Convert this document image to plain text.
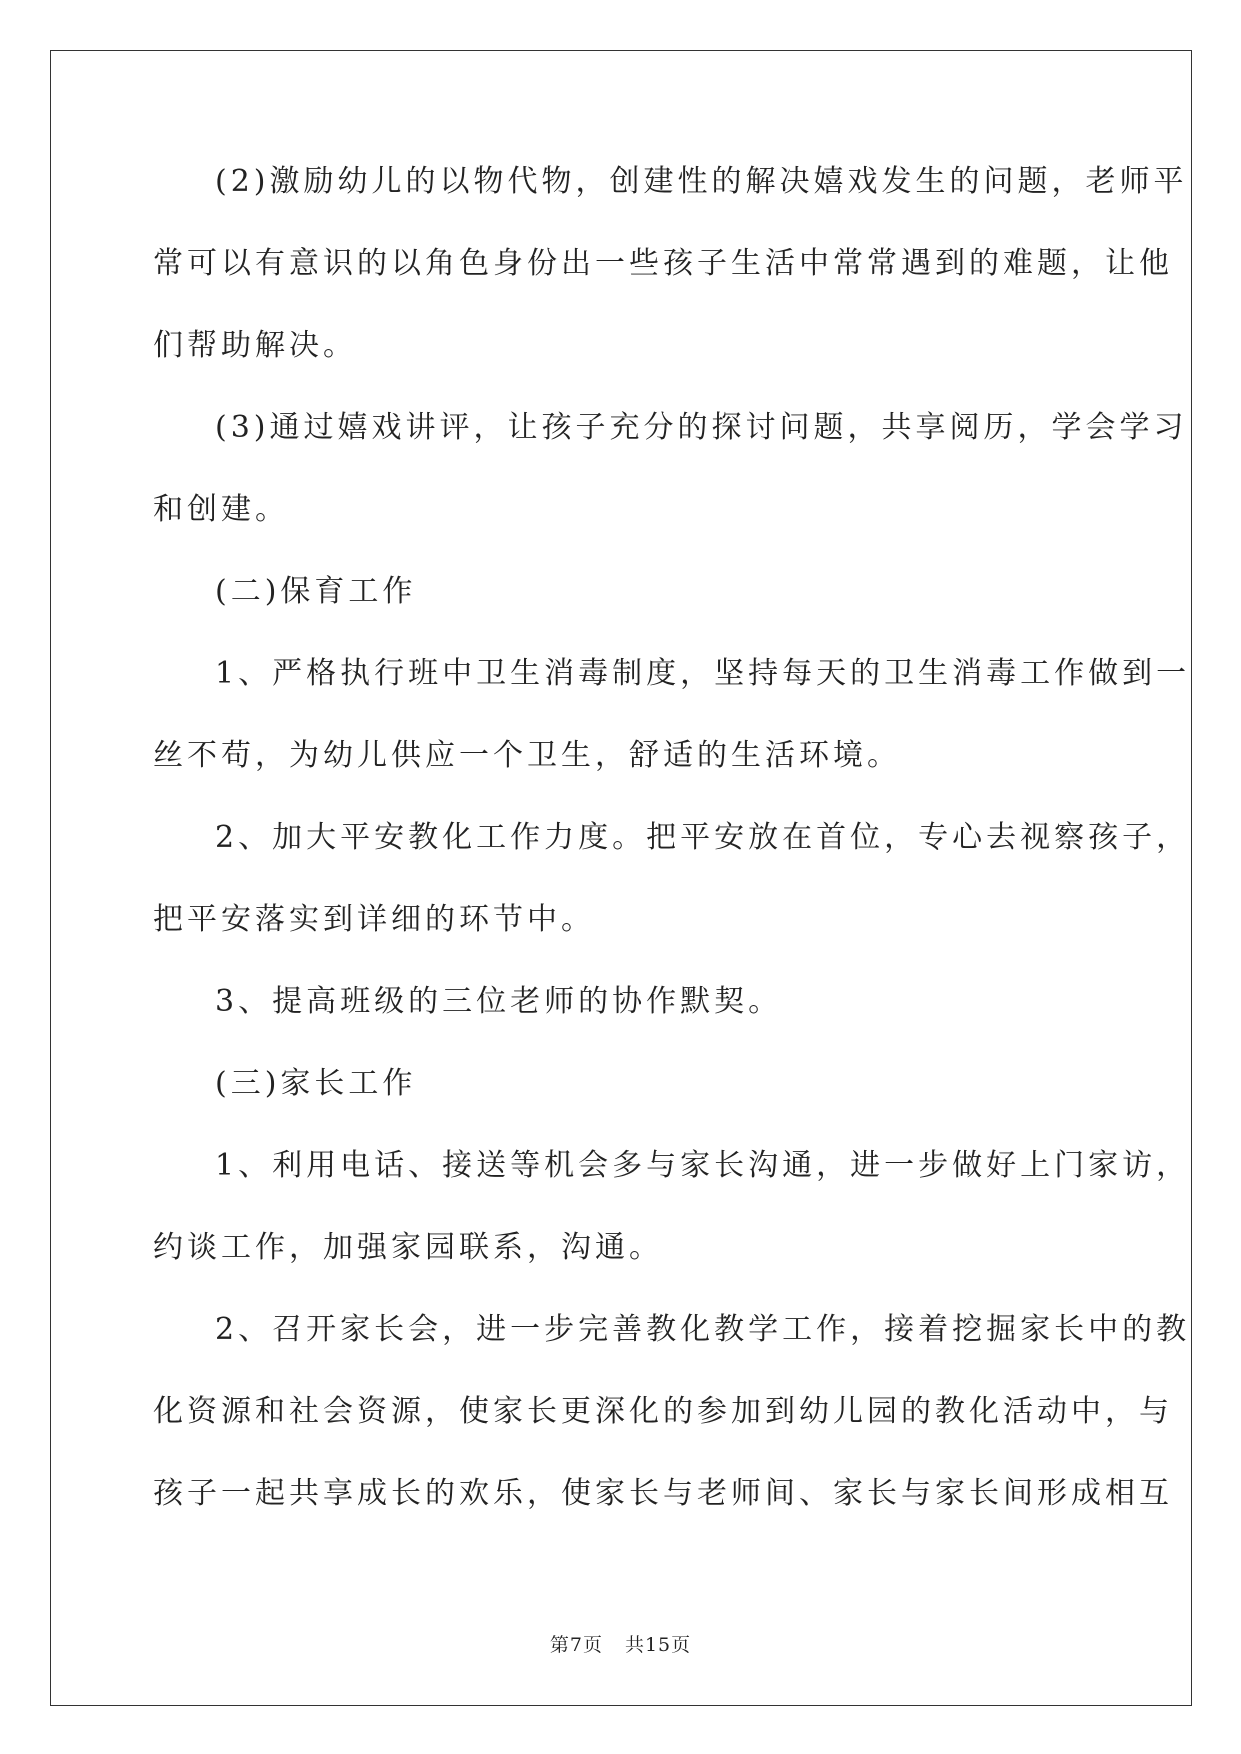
(2)激励幼儿的以物代物，创建性的解决嬉戏发生的问题，老师平
常可以有意识的以角色身份出一些孩子生活中常常遇到的难题，让他
们帮助解决。
(3)通过嬉戏讲评，让孩子充分的探讨问题，共享阅历，学会学习
和创建。
(二)保育工作
1、严格执行班中卫生消毒制度，坚持每天的卫生消毒工作做到一
丝不苟，为幼儿供应一个卫生，舒适的生活环境。
2、加大平安教化工作力度。把平安放在首位，专心去视察孩子，
把平安落实到详细的环节中。
3、提高班级的三位老师的协作默契。
(三)家长工作
1、利用电话、接送等机会多与家长沟通，进一步做好上门家访，
约谈工作，加强家园联系，沟通。
2、召开家长会，进一步完善教化教学工作，接着挖掘家长中的教
化资源和社会资源，使家长更深化的参加到幼儿园的教化活动中，与
孩子一起共享成长的欢乐，使家长与老师间、家长与家长间形成相互
第7页 共15页
